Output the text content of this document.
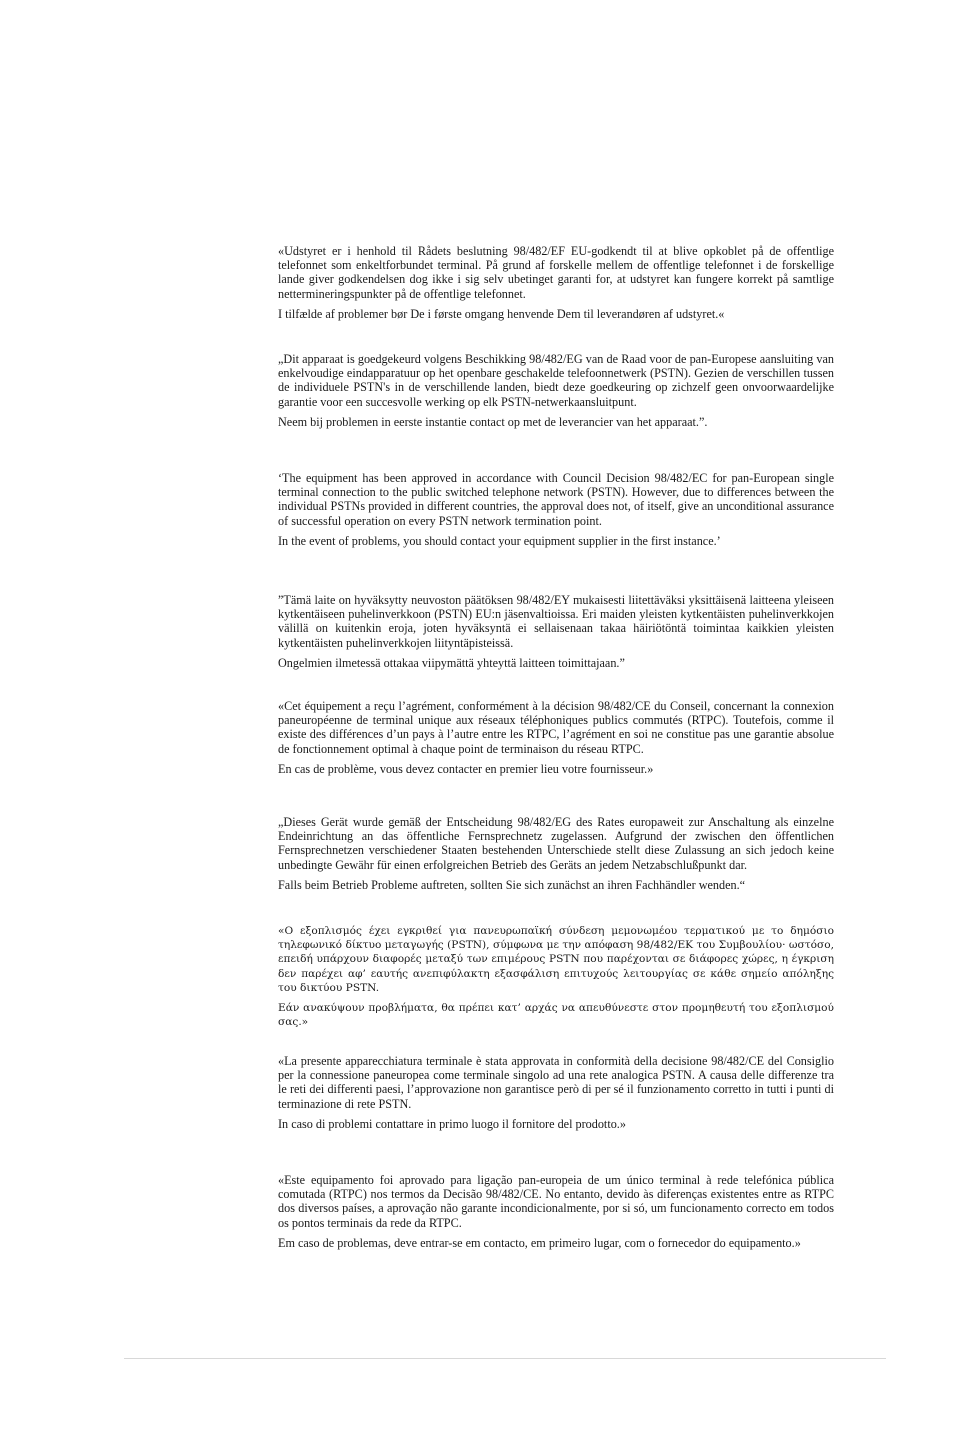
«Udstyret er i henhold til Rådets beslutning 98/482/EF EU-godkendt til at blive opkoblet på de offentlige telefonnet som enkeltforbundet terminal. På grund af forskelle mellem de offentlige telefonnet i de forskellige lande giver godkendelsen dog ikke i sig selv ubetinget garanti for, at udstyret kan fungere korrekt på samtlige nettermineringspunkter på de offentlige telefonnet.

I tilfælde af problemer bør De i første omgang henvende Dem til leverandøren af udstyret.«

„Dit apparaat is goedgekeurd volgens Beschikking 98/482/EG van de Raad voor de pan-Europese aansluiting van enkelvoudige eindapparatuur op het openbare geschakelde telefoonnetwerk (PSTN). Gezien de verschillen tussen de individuele PSTN's in de verschillende landen, biedt deze goedkeuring op zichzelf geen onvoorwaardelijke garantie voor een succesvolle werking op elk PSTN-netwerkaansluitpunt.

Neem bij problemen in eerste instantie contact op met de leverancier van het apparaat.”.

‘The equipment has been approved in accordance with Council Decision 98/482/EC for pan-European single terminal connection to the public switched telephone network (PSTN). However, due to differences between the individual PSTNs provided in different countries, the approval does not, of itself, give an unconditional assurance of successful operation on every PSTN network termination point.

In the event of problems, you should contact your equipment supplier in the first instance.’

”Tämä laite on hyväksytty neuvoston päätöksen 98/482/EY mukaisesti liitettäväksi yksittäisenä laitteena yleiseen kytkentäiseen puhelinverkkoon (PSTN) EU:n jäsenvaltioissa. Eri maiden yleisten kytkentäisten puhelinverkkojen välillä on kuitenkin eroja, joten hyväksyntä ei sellaisenaan takaa häiriötöntä toimintaa kaikkien yleisten kytkentäisten puhelinverkkojen liityntäpisteissä.

Ongelmien ilmetessä ottakaa viipymättä yhteyttä laitteen toimittajaan.”

«Cet équipement a reçu l’agrément, conformément à la décision 98/482/CE du Conseil, concernant la connexion paneuropéenne de terminal unique aux réseaux téléphoniques publics commutés (RTPC). Toutefois, comme il existe des différences d’un pays à l’autre entre les RTPC, l’agrément en soi ne constitue pas une garantie absolue de fonctionnement optimal à chaque point de terminaison du réseau RTPC.

En cas de problème, vous devez contacter en premier lieu votre fournisseur.»

„Dieses Gerät wurde gemäß der Entscheidung 98/482/EG des Rates europaweit zur Anschaltung als einzelne Endeinrichtung an das öffentliche Fernsprechnetz zugelassen. Aufgrund der zwischen den öffentlichen Fernsprechnetzen verschiedener Staaten bestehenden Unterschiede stellt diese Zulassung an sich jedoch keine unbedingte Gewähr für einen erfolgreichen Betrieb des Geräts an jedem Netzabschlußpunkt dar.

Falls beim Betrieb Probleme auftreten, sollten Sie sich zunächst an ihren Fachhändler wenden.“

«Ο εξοπλισμός έχει εγκριθεί για πανευρωπαϊκή σύνδεση μεμονωμέου τερματικού με το δημόσιο τηλεφωνικό δίκτυο μεταγωγής (PSTN), σύμφωνα με την απόφαση 98/482/ΕΚ του Συμβουλίου· ωστόσο, επειδή υπάρχουν διαφορές μεταξύ των επιμέρους PSTN που παρέχονται σε διάφορες χώρες, η έγκριση δεν παρέχει αφ’ εαυτής ανεπιφύλακτη εξασφάλιση επιτυχούς λειτουργίας σε κάθε σημείο απόληξης του δικτύου PSTN.

Εάν ανακύψουν προβλήματα, θα πρέπει κατ’ αρχάς να απευθύνεστε στον προμηθευτή του εξοπλισμού σας.»

«La presente apparecchiatura terminale è stata approvata in conformità della decisione 98/482/CE del Consiglio per la connessione paneuropea come terminale singolo ad una rete analogica PSTN. A causa delle differenze tra le reti dei differenti paesi, l’approvazione non garantisce però di per sé il funzionamento corretto in tutti i punti di terminazione di rete PSTN.

In caso di problemi contattare in primo luogo il fornitore del prodotto.»

«Este equipamento foi aprovado para ligação pan-europeia de um único terminal à rede telefónica pública comutada (RTPC) nos termos da Decisão 98/482/CE. No entanto, devido às diferenças existentes entre as RTPC dos diversos países, a aprovação não garante incondicionalmente, por si só, um funcionamento correcto em todos os pontos terminais da rede da RTPC.

Em caso de problemas, deve entrar-se em contacto, em primeiro lugar, com o fornecedor do equipamento.»
